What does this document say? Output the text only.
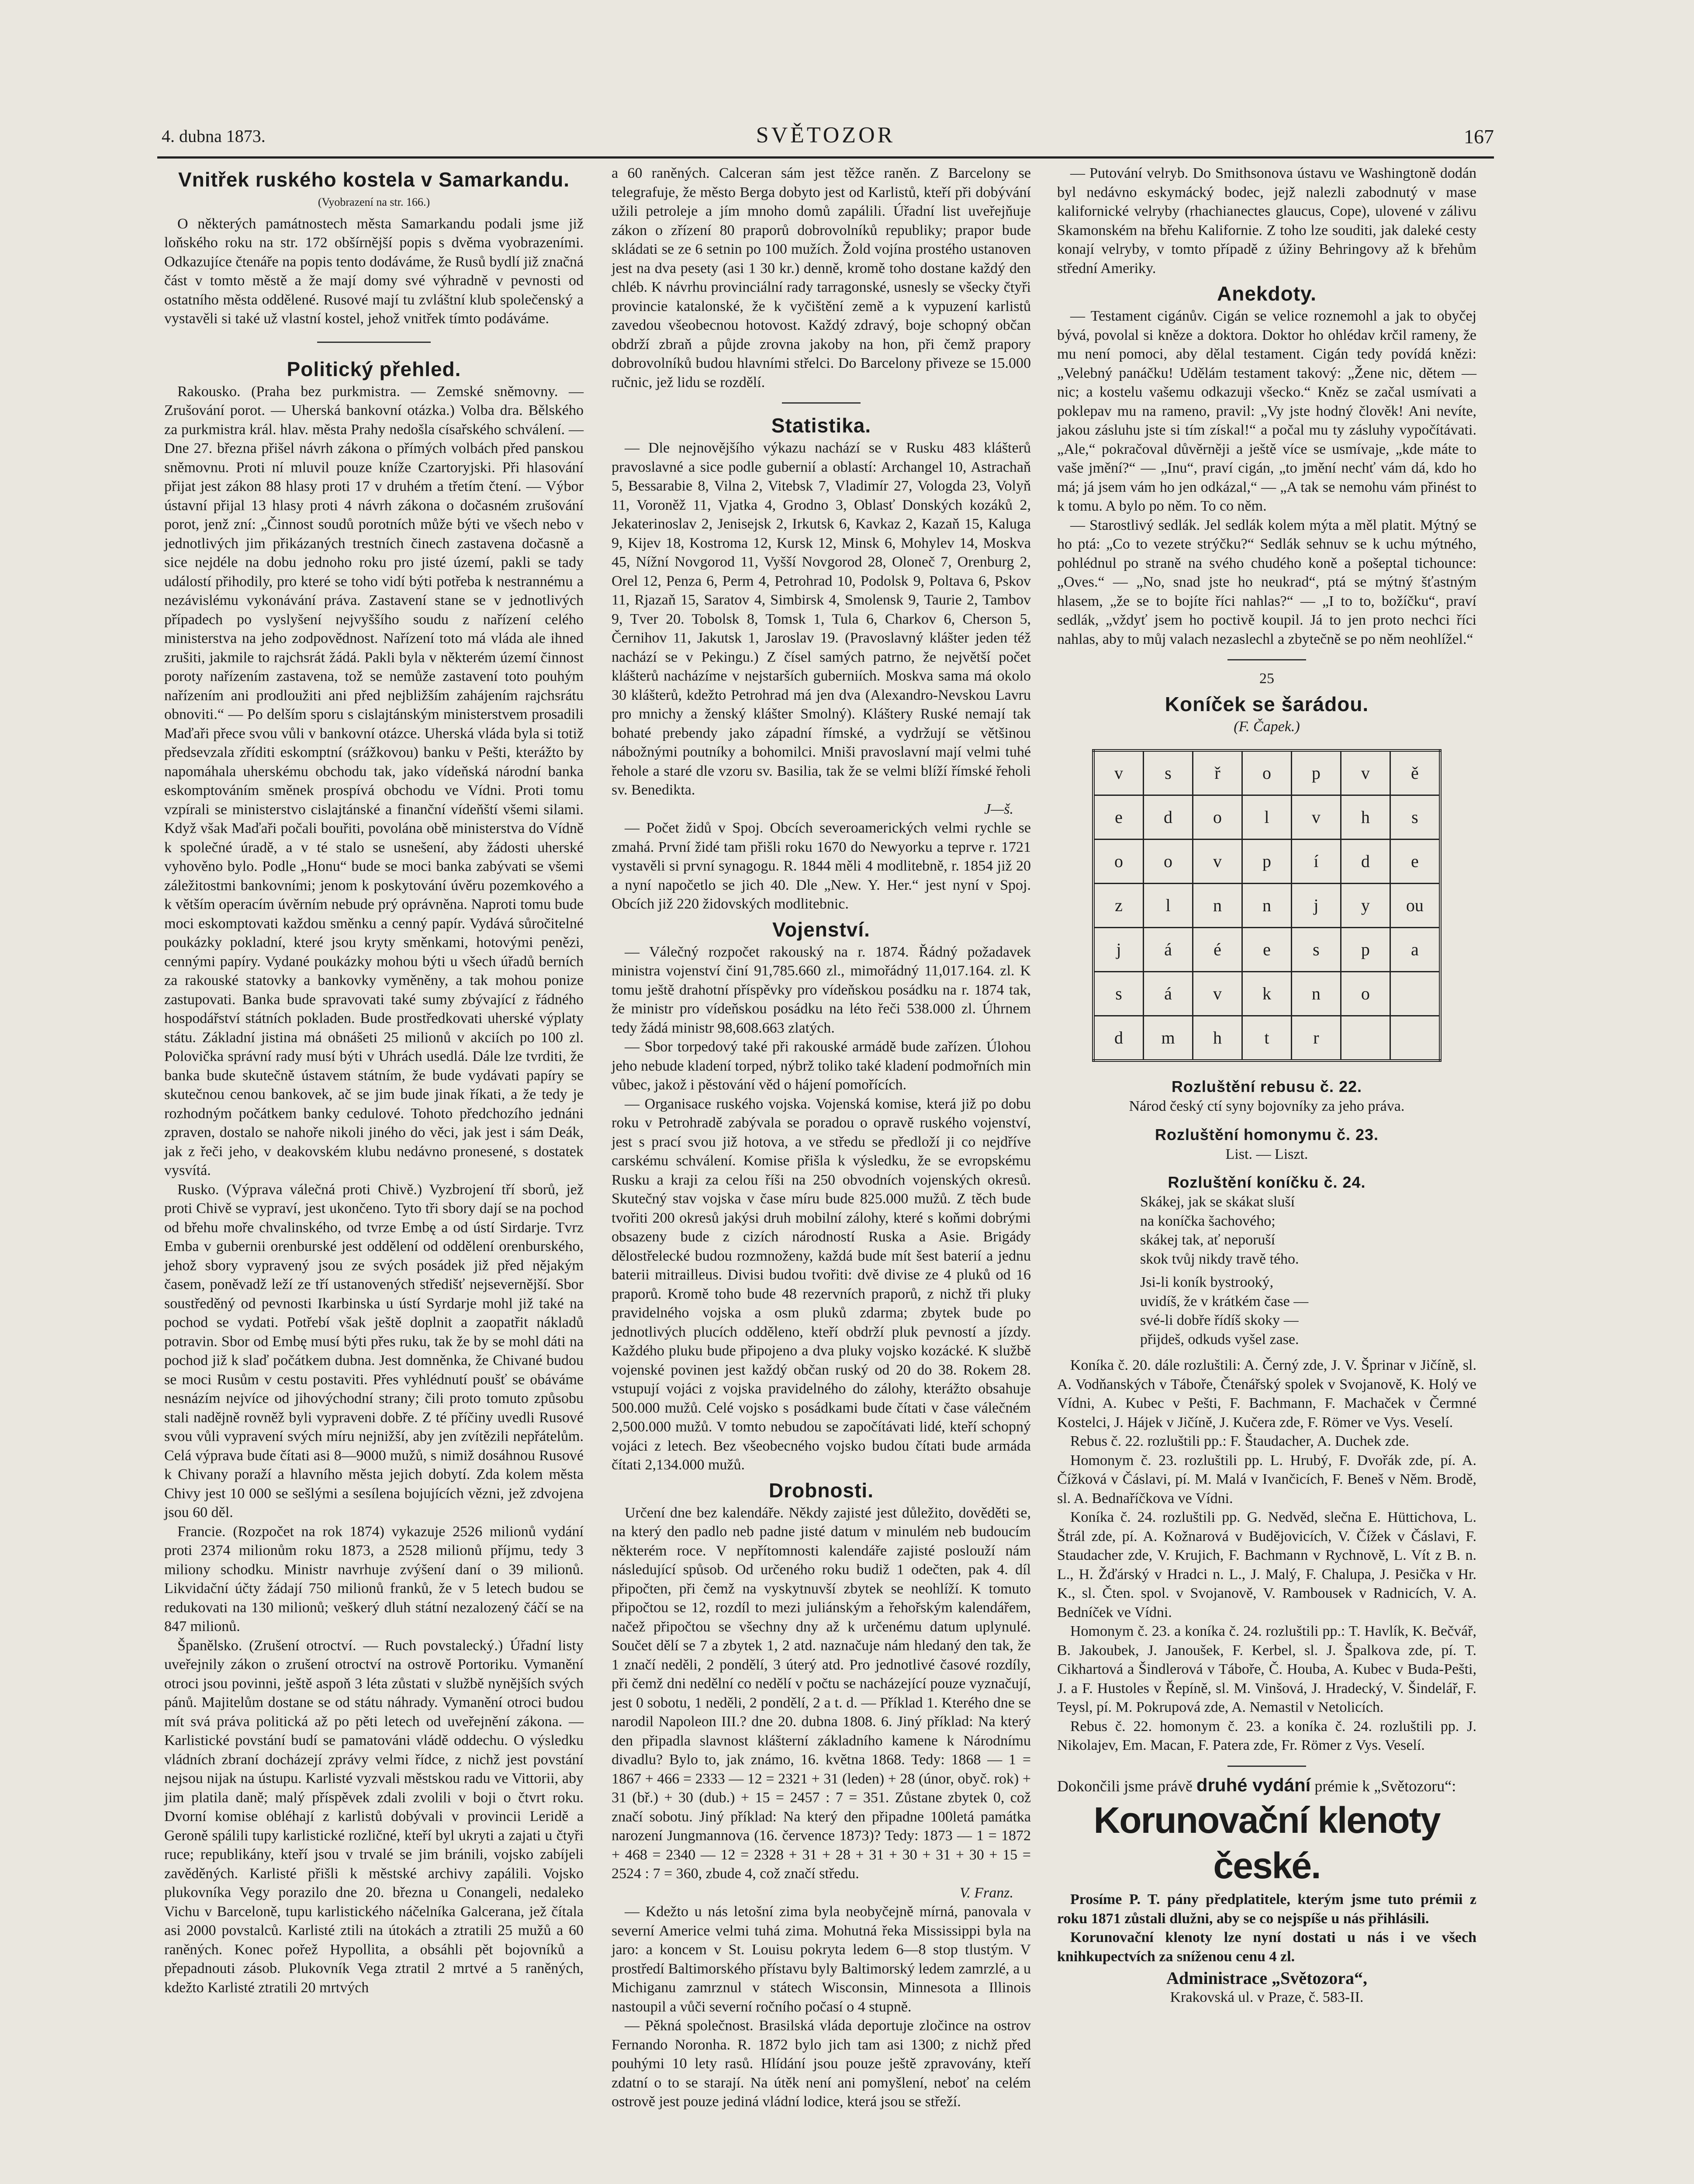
4. dubna 1873.	SVĚTOZOR	167
Vnitřek ruského kostela v Samarkandu.
(Vyobrazení na str. 166.)

O některých památnostech města Samarkandu podali jsme již loňského roku na str. 172 obšírnější popis s dvěma vyobrazeními. Odkazujíce čtenáře na popis tento dodáváme, že Rusů bydlí již značná část v tomto městě a že mají domy své výhradně v pevnosti od ostatního města oddělené. Rusové mají tu zvláštní klub společenský a vystavěli si také už vlastní kostel, jehož vnitřek tímto podáváme.

Politický přehled.

Rakousko. (Praha bez purkmistra. — Zemské sněmovny. — Zrušování porot. — Uherská bankovní otázka.) Volba dra. Bělského za purkmistra král. hlav. města Prahy nedošla císařského schválení. — Dne 27. března přišel návrh zákona o přímých volbách před panskou sněmovnu. Proti ní mluvil pouze kníže Czartoryjski. Při hlasování přijat jest zákon 88 hlasy proti 17 v druhém a třetím čtení. — Výbor ústavní přijal 13 hlasy proti 4 návrh zákona o dočasném zrušování porot, jenž zní: „Činnost soudů porotních může býti ve všech nebo v jednotlivých jim přikázaných trestních činech zastavena dočasně a sice nejdéle na dobu jednoho roku pro jisté území, pakli se tady událostí přihodily, pro které se toho vidí býti potřeba k nestrannému a nezávislému vykonávání práva. Zastavení stane se v jednotlivých případech po vyslyšení nejvyššího soudu z nařízení celého ministerstva na jeho zodpovědnost. Nařízení toto má vláda ale ihned zrušiti, jakmile to rajchsrát žádá. Pakli byla v některém území činnost poroty nařízením zastavena, tož se nemůže zastavení toto pouhým nařízením ani prodloužiti ani před nejbližším zahájením rajchsrátu obnoviti.“ — Po delším sporu s cislajtánským ministerstvem prosadili Maďaři přece svou vůli v bankovní otázce. Uherská vláda byla si totiž předsevzala zříditi eskomptní (srážkovou) banku v Pešti, kterážto by napomáhala uherskému obchodu tak, jako vídeňská národní banka eskomptováním směnek prospívá obchodu ve Vídni. Proti tomu vzpírali se ministerstvo cislajtánské a finanční vídeňští všemi silami. Když však Maďaři počali bouřiti, povolána obě ministerstva do Vídně k společné úradě, a v té stalo se usnešení, aby žádosti uherské vyhověno bylo. Podle „Honu“ bude se moci banka zabývati se všemi záležitostmi bankovními; jenom k poskytování úvěru pozemkového a k větším operacím úvěrním nebude prý oprávněna. Naproti tomu bude moci eskomptovati každou směnku a cenný papír. Vydává sůročitelné poukázky pokladní, které jsou kryty směnkami, hotovými penězi, cennými papíry. Vydané poukázky mohou býti u všech úřadů berních za rakouské statovky a bankovky vyměněny, a tak mohou ponize zastupovati. Banka bude spravovati také sumy zbývající z řádného hospodářství státních pokladen. Bude prostředkovati uherské výplaty státu. Základní jistina má obnášeti 25 milionů v akciích po 100 zl. Polovička správní rady musí býti v Uhrách usedlá. Dále lze tvrditi, že banka bude skutečně ústavem státním, že bude vydávati papíry se skutečnou cenou bankovek, ač se jim bude jinak říkati, a že tedy je rozhodným počátkem banky cedulové. Tohoto předchozího jednáni zpraven, dostalo se nahoře nikoli jiného do věci, jak jest i sám Deák, jak z řeči jeho, v deakovském klubu nedávno pronesené, s dostatek vysvítá.

Rusko. (Výprava válečná proti Chivě.) Vyzbrojení tří sborů, jež proti Chivě se vypraví, jest ukončeno. Tyto tři sbory dají se na pochod od břehu moře chvalinského, od tvrze Embę a od ústí Sirdarje. Tvrz Emba v gubernii orenburské jest oddělení od oddělení orenburského, jehož sbory vypravený jsou ze svých posádek již před nějakým časem, poněvadž leží ze tří ustanovených středišť nejsevernější. Sbor soustředěný od pevnosti Ikarbinska u ústí Syrdarje mohl již také na pochod se vydati. Potřebí však ještě doplnit a zaopatřit nákladů potravin. Sbor od Embę musí býti přes ruku, tak že by se mohl dáti na pochod již k slaď počátkem dubna. Jest domněnka, že Chivané budou se moci Rusům v cestu postaviti. Přes vyhlédnutí poušť se obáváme nesnázím nejvíce od jihovýchodní strany; čili proto tomuto způsobu stali nadějně rovněž byli vypraveni dobře. Z té příčiny uvedli Rusové svou vůli vypravení svých míru nejnižší, aby jen zvítězili nepřátelům. Celá výprava bude čítati asi 8—9000 mužů, s nimiž dosáhnou Rusové k Chivany poraží a hlavního města jejich dobytí. Zda kolem města Chivy jest 10 000 se sešlými a sesílena bojujících vězni, jež zdvojena jsou 60 děl.

Francie. (Rozpočet na rok 1874) vykazuje 2526 milionů vydání proti 2374 milionům roku 1873, a 2528 milionů příjmu, tedy 3 miliony schodku. Ministr navrhuje zvýšení daní o 39 milionů. Likvidační účty žádají 750 milionů franků, že v 5 letech budou se redukovati na 130 milionů; veškerý dluh státní nezalozený čáčí se na 847 milionů.

Španělsko. (Zrušení otroctví. — Ruch povstalecký.) Úřadní listy uveřejnily zákon o zrušení otroctví na ostrově Portoriku. Vymanění otroci jsou povinni, ještě aspoň 3 léta zůstati v službě nynějších svých pánů. Majitelům dostane se od státu náhrady. Vymanění otroci budou mít svá práva politická až po pěti letech od uveřejnění zákona. — Karlistické povstání budí se pamatováni vládě oddechu. O výsledku vládních zbraní docházejí zprávy velmi řídce, z nichž jest povstání nejsou nijak na ústupu. Karlisté vyzvali městskou radu ve Vittorii, aby jim platila daně; malý příspěvek zdali zvolili v boji o čtvrt roku. Dvorní komise obléhají z karlistů dobývali v provincii Leridě a Geroně spálili tupy karlistické rozličné, kteří byl ukryti a zajati u čtyři ruce; republikány, kteří jsou v trvalé se jim bránili, vojsko zabíjeli zavěděných. Karlisté přišli k městské archivy zapálili. Vojsko plukovníka Vegy porazilo dne 20. března u Conangeli, nedaleko Vichu v Barceloně, tupu karlistického náčelníka Galcerana, jež čítala asi 2000 povstalců. Karlisté ztili na útokách a ztratili 25 mužů a 60 raněných. Konec pořež Hypollita, a obsáhli pět bojovníků a přepadnouti zásob. Plukovník Vega ztratil 2 mrtvé a 5 raněných, kdežto Karlisté ztratili 20 mrtvých

a 60 raněných. Calceran sám jest těžce raněn. Z Barcelony se telegrafuje, že město Berga dobyto jest od Karlistů, kteří při dobývání užili petroleje a jím mnoho domů zapálili. Úřadní list uveřejňuje zákon o zřízení 80 praporů dobrovolníků republiky; prapor bude skládati se ze 6 setnin po 100 mužích. Žold vojína prostého ustanoven jest na dva pesety (asi 1 30 kr.) denně, kromě toho dostane každý den chléb. K návrhu provinciální rady tarragonské, usnesly se všecky čtyři provincie katalonské, že k vyčištění země a k vypuzení karlistů zavedou všeobecnou hotovost. Každý zdravý, boje schopný občan obdrží zbraň a půjde zrovna jakoby na hon, při čemž prapory dobrovolníků budou hlavními střelci. Do Barcelony přiveze se 15.000 ručnic, jež lidu se rozdělí.

Statistika.

— Dle nejnovějšího výkazu nachází se v Rusku 483 klášterů pravoslavné a sice podle gubernií a oblastí: Archangel 10, Astrachaň 5, Bessarabie 8, Vilna 2, Vitebsk 7, Vladimír 27, Vologda 23, Volyň 11, Voroněž 11, Vjatka 4, Grodno 3, Oblasť Donských kozáků 2, Jekaterinoslav 2, Jenisejsk 2, Irkutsk 6, Kavkaz 2, Kazaň 15, Kaluga 9, Kijev 18, Kostroma 12, Kursk 12, Minsk 6, Mohylev 14, Moskva 45, Nížní Novgorod 11, Vyšší Novgorod 28, Oloneč 7, Orenburg 2, Orel 12, Penza 6, Perm 4, Petrohrad 10, Podolsk 9, Poltava 6, Pskov 11, Rjazaň 15, Saratov 4, Simbirsk 4, Smolensk 9, Taurie 2, Tambov 9, Tver 20. Tobolsk 8, Tomsk 1, Tula 6, Charkov 6, Cherson 5, Černihov 11, Jakutsk 1, Jaroslav 19. (Pravoslavný klášter jeden též nachází se v Pekingu.) Z čísel samých patrno, že největší počet klášterů nacházíme v nejstarších guberniích. Moskva sama má okolo 30 klášterů, kdežto Petrohrad má jen dva (Alexandro-Nevskou Lavru pro mnichy a ženský klášter Smolný). Kláštery Ruské nemají tak bohaté prebendy jako západní římské, a vydržují se většinou nábožnými poutníky a bohomilci. Mniši pravoslavní mají velmi tuhé řehole a staré dle vzoru sv. Basilia, tak že se velmi blíží římské řeholi sv. Benedikta.

J—š.

— Počet židů v Spoj. Obcích severoamerických velmi rychle se zmahá. První židé tam přišli roku 1670 do Newyorku a teprve r. 1721 vystavěli si první synagogu. R. 1844 měli 4 modlitebně, r. 1854 již 20 a nyní napočetlo se jich 40. Dle „New. Y. Her.“ jest nyní v Spoj. Obcích již 220 židovských modlitebnic.

Vojenství.

— Válečný rozpočet rakouský na r. 1874. Řádný požadavek ministra vojenství činí 91,785.660 zl., mimořádný 11,017.164. zl. K tomu ještě drahotní příspěvky pro vídeňskou posádku na r. 1874 tak, že ministr pro vídeňskou posádku na léto řeči 538.000 zl. Úhrnem tedy žádá ministr 98,608.663 zlatých.

— Sbor torpedový také při rakouské armádě bude zařízen. Úlohou jeho nebude kladení torped, nýbrž toliko také kladení podmořních min vůbec, jakož i pěstování věd o hájení pomořících.

— Organisace ruského vojska. Vojenská komise, která již po dobu roku v Petrohradě zabývala se poradou o opravě ruského vojenství, jest s prací svou již hotova, a ve středu se předloží ji co nejdříve carskému schválení. Komise přišla k výsledku, že se evropskému Rusku a kraji za celou říši na 250 obvodních vojenských okresů. Skutečný stav vojska v čase míru bude 825.000 mužů. Z těch bude tvořiti 200 okresů jakýsi druh mobilní zálohy, které s koňmi dobrými obsazeny bude z cizích národností Ruska a Asie. Brigády dělostřelecké budou rozmnoženy, každá bude mít šest baterií a jednu baterii mitrailleus. Divisi budou tvořiti: dvě divise ze 4 pluků od 16 praporů. Kromě toho bude 48 rezervních praporů, z nichž tři pluky pravidelného vojska a osm pluků zdarma; zbytek bude po jednotlivých plucích odděleno, kteří obdrží pluk pevností a jízdy. Každého pluku bude připojeno a dva pluky vojsko kozácké. K službě vojenské povinen jest každý občan ruský od 20 do 38. Rokem 28. vstupují vojáci z vojska pravidelného do zálohy, kterážto obsahuje 500.000 mužů. Celé vojsko s posádkami bude čítati v čase válečném 2,500.000 mužů. V tomto nebudou se započítávati lidé, kteří schopný vojáci z letech. Bez všeobecného vojsko budou čítati bude armáda čítati 2,134.000 mužů.

Drobnosti.

Určení dne bez kalendáře. Někdy zajisté jest důležito, dověděti se, na který den padlo neb padne jisté datum v minulém neb budoucím některém roce. V nepřítomnosti kalendáře zajisté poslouží nám následující spůsob. Od určeného roku budiž 1 odečten, pak 4. díl připočten, při čemž na vyskytnuvší zbytek se neohlíží. K tomuto připočtou se 12, rozdíl to mezi juliánským a řehořským kalendářem, načež připočtou se všechny dny až k určenému datum uplynulé. Součet dělí se 7 a zbytek 1, 2 atd. naznačuje nám hledaný den tak, že 1 značí neděli, 2 pondělí, 3 úterý atd. Pro jednotlivé časové rozdíly, při čemž dni nedělní co nedělí v počtu se nacházející pouze vyznačují, jest 0 sobotu, 1 neděli, 2 pondělí, 2 a t. d. — Příklad 1. Kterého dne se narodil Napoleon III.? dne 20. dubna 1808. 6. Jiný příklad: Na který den připadla slavnost klášterní základního kamene k Národnímu divadlu? Bylo to, jak známo, 16. května 1868. Tedy: 1868 — 1 = 1867 + 466 = 2333 — 12 = 2321 + 31 (leden) + 28 (únor, obyč. rok) + 31 (bř.) + 30 (dub.) + 15 = 2457 : 7 = 351. Zůstane zbytek 0, což značí sobotu. Jiný příklad: Na který den připadne 100letá památka narození Jungmannova (16. července 1873)? Tedy: 1873 — 1 = 1872 + 468 = 2340 — 12 = 2328 + 31 + 28 + 31 + 30 + 31 + 30 + 15 = 2524 : 7 = 360, zbude 4, což značí středu.

V. Franz.

— Kdežto u nás letošní zima byla neobyčejně mírná, panovala v severní Americe velmi tuhá zima. Mohutná řeka Mississippi byla na jaro: a koncem v St. Louisu pokryta ledem 6—8 stop tlustým. V prostředí Baltimorského přístavu byly Baltimorský ledem zamrzlé, a u Michiganu zamrznul v státech Wisconsin, Minnesota a Illinois nastoupil a vůči severní ročního počasí o 4 stupně.

— Pěkná společnost. Brasilská vláda deportuje zločince na ostrov Fernando Noronha. R. 1872 bylo jich tam asi 1300; z nichž před pouhými 10 lety rasů. Hlídání jsou pouze ještě zpravovány, kteří zdatní o to se starají. Na útěk není ani pomyšlení, neboť na celém ostrově jest pouze jediná vládní lodice, která jsou se střeží.

— Putování velryb. Do Smithsonova ústavu ve Washingtoně dodán byl nedávno eskymácký bodec, jejž nalezli zabodnutý v mase kalifornické velryby (rhachianectes glaucus, Cope), ulovené v zálivu Skamonském na břehu Kalifornie. Z toho lze souditi, jak daleké cesty konají velryby, v tomto případě z úžiny Behringovy až k břehům střední Ameriky.

Anekdoty.

— Testament cigánův. Cigán se velice roznemohl a jak to obyčej bývá, povolal si kněze a doktora. Doktor ho ohlédav krčil rameny, že mu není pomoci, aby dělal testament. Cigán tedy povídá knězi: „Velebný panáčku! Udělám testament takový: „Žene nic, dětem — nic; a kostelu vašemu odkazuji všecko.“ Kněz se začal usmívati a poklepav mu na rameno, pravil: „Vy jste hodný člověk! Ani nevíte, jakou zásluhu jste si tím získal!“ a počal mu ty zásluhy vypočítávati. „Ale,“ pokračoval důvěrněji a ještě více se usmívaje, „kde máte to vaše jmění?“ — „Inu“, praví cigán, „to jmění nechť vám dá, kdo ho má; já jsem vám ho jen odkázal,“ — „A tak se nemohu vám přinést to k tomu. A bylo po něm. To co něm.

— Starostlivý sedlák. Jel sedlák kolem mýta a měl platit. Mýtný se ho ptá: „Co to vezete strýčku?“ Sedlák sehnuv se k uchu mýtného, pohlédnul po straně na svého chudého koně a pošeptal tichounce: „Oves.“ — „No, snad jste ho neukrad“, ptá se mýtný šťastným hlasem, „že se to bojíte říci nahlas?“ — „I to to, božíčku“, praví sedlák, „vždyť jsem ho poctivě koupil. Já to jen proto nechci říci nahlas, aby to můj valach nezaslechl a zbytečně se po něm neohlížel.“

25
Koníček se šarádou.
(F. Čapek.)
v	s	ř	o	p	v	ě
e	d	o	l	v	h	s
o	o	v	p	í	d	e
z	l	n	n	j	y	ou
j	á	é	e	s	p	a
s	á	v	k	n	o	
d	m	h	t	r		
Rozluštění rebusu č. 22.
Národ český ctí syny bojovníky za jeho práva.
Rozluštění homonymu č. 23.
List. — Liszt.
Rozluštění koníčku č. 24.

Skákej, jak se skákat sluší

na koníčka šachového;

skákej tak, ať neporuší

skok tvůj nikdy travě tého.

Jsi-li koník bystrooký,

uvidíš, že v krátkém čase —

své-li dobře řídíš skoky —

přijdeš, odkuds vyšel zase.

Koníka č. 20. dále rozluštili: A. Černý zde, J. V. Šprinar v Jičíně, sl. A. Vodňanských v Táboře, Čtenářský spolek v Svojanově, K. Holý ve Vídni, A. Kubec v Pešti, F. Bachmann, F. Machaček v Čermné Kostelci, J. Hájek v Jičíně, J. Kučera zde, F. Römer ve Vys. Veselí.

Rebus č. 22. rozluštili pp.: F. Štaudacher, A. Duchek zde.

Homonym č. 23. rozluštili pp. L. Hrubý, F. Dvořák zde, pí. A. Čížková v Čáslavi, pí. M. Malá v Ivančicích, F. Beneš v Něm. Brodě, sl. A. Bednaříčkova ve Vídni.

Koníka č. 24. rozluštili pp. G. Nedvěd, slečna E. Hüttichova, L. Štrál zde, pí. A. Kožnarová v Budějovicích, V. Čížek v Čáslavi, F. Staudacher zde, V. Krujich, F. Bachmann v Rychnově, L. Vít z B. n. L., H. Žďárský v Hradci n. L., J. Malý, F. Chalupa, J. Pesička v Hr. K., sl. Čten. spol. v Svojanově, V. Rambousek v Radnicích, V. A. Bedníček ve Vídni.

Homonym č. 23. a koníka č. 24. rozluštili pp.: T. Havlík, K. Bečvář, B. Jakoubek, J. Janoušek, F. Kerbel, sl. J. Špalkova zde, pí. T. Cikhartová a Šindlerová v Táboře, Č. Houba, A. Kubec v Buda-Pešti, J. a F. Hustoles v Řepíně, sl. M. Vinšová, J. Hradecký, V. Šindelář, F. Teysl, pí. M. Pokrupová zde, A. Nemastil v Netolicích.

Rebus č. 22. homonym č. 23. a koníka č. 24. rozluštili pp. J. Nikolajev, Em. Macan, F. Patera zde, Fr. Römer z Vys. Veselí.

Dokončili jsme právě druhé vydání prémie k „Světozoru“:
Korunovační klenoty české.

Prosíme P. T. pány předplatitele, kterým jsme tuto prémii z roku 1871 zůstali dlužni, aby se co nejspíše u nás přihlásili.

Korunovační klenoty lze nyní dostati u nás i ve všech knihkupectvích za sníženou cenu 4 zl.

Administrace „Světozora“,
Krakovská ul. v Praze, č. 583-II.
